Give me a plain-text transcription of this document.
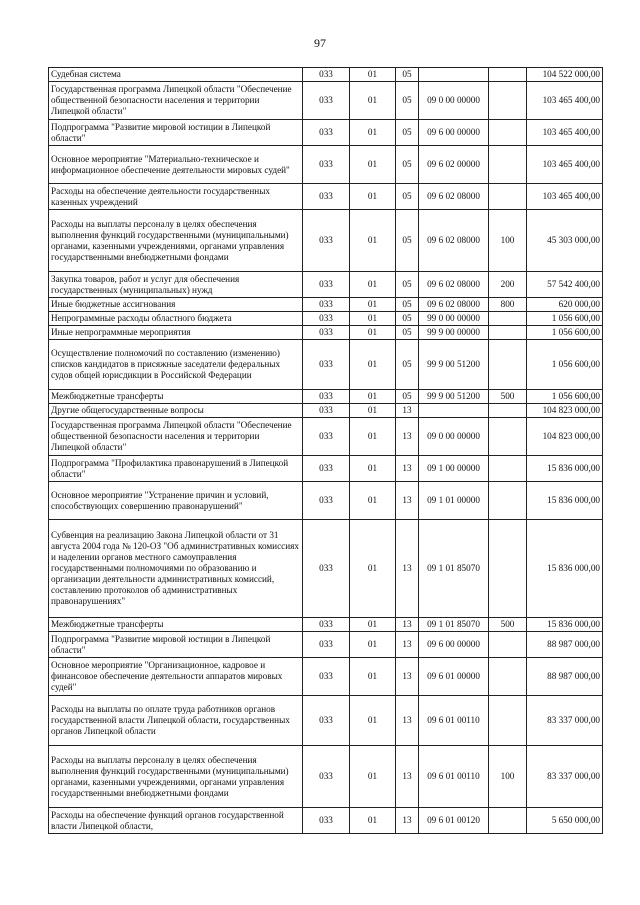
97
Судебная система	033	01	05			104 522 000,00
Государственная программа Липецкой области "Обеспечение общественной безопасности населения и территории Липецкой области"	033	01	05	09 0 00 00000		103 465 400,00
Подпрограмма "Развитие мировой юстиции в Липецкой области"	033	01	05	09 6 00 00000		103 465 400,00
Основное мероприятие "Материально-техническое и информационное обеспечение деятельности мировых судей"	033	01	05	09 6 02 00000		103 465 400,00
Расходы на обеспечение деятельности государственных казенных учреждений	033	01	05	09 6 02 08000		103 465 400,00
Расходы на выплаты персоналу в целях обеспечения выполнения функций государственными (муниципальными) органами, казенными учреждениями, органами управления государственными внебюджетными фондами	033	01	05	09 6 02 08000	100	45 303 000,00
Закупка товаров, работ и услуг для обеспечения государственных (муниципальных) нужд	033	01	05	09 6 02 08000	200	57 542 400,00
Иные бюджетные ассигнования	033	01	05	09 6 02 08000	800	620 000,00
Непрограммные расходы областного бюджета	033	01	05	99 0 00 00000		1 056 600,00
Иные непрограммные мероприятия	033	01	05	99 9 00 00000		1 056 600,00
Осуществление полномочий по составлению (изменению) списков кандидатов в присяжные заседатели федеральных судов общей юрисдикции в Российской Федерации	033	01	05	99 9 00 51200		1 056 600,00
Межбюджетные трансферты	033	01	05	99 9 00 51200	500	1 056 600,00
Другие общегосударственные вопросы	033	01	13			104 823 000,00
Государственная программа Липецкой области "Обеспечение общественной безопасности населения и территории Липецкой области"	033	01	13	09 0 00 00000		104 823 000,00
Подпрограмма "Профилактика правонарушений в Липецкой области"	033	01	13	09 1 00 00000		15 836 000,00
Основное мероприятие "Устранение причин и условий, способствующих совершению правонарушений"	033	01	13	09 1 01 00000		15 836 000,00
Субвенция на реализацию Закона Липецкой области от 31 августа 2004 года № 120-ОЗ "Об административных комиссиях и наделении органов местного самоуправления государственными полномочиями по образованию и организации деятельности административных комиссий, составлению протоколов об административных правонарушениях"	033	01	13	09 1 01 85070		15 836 000,00
Межбюджетные трансферты	033	01	13	09 1 01 85070	500	15 836 000,00
Подпрограмма "Развитие мировой юстиции в Липецкой области"	033	01	13	09 6 00 00000		88 987 000,00
Основное мероприятие "Организационное, кадровое и финансовое обеспечение деятельности аппаратов мировых судей"	033	01	13	09 6 01 00000		88 987 000,00
Расходы на выплаты по оплате труда работников органов государственной власти Липецкой области, государственных органов Липецкой области	033	01	13	09 6 01 00110		83 337 000,00
Расходы на выплаты персоналу в целях обеспечения выполнения функций государственными (муниципальными) органами, казенными учреждениями, органами управления государственными внебюджетными фондами	033	01	13	09 6 01 00110	100	83 337 000,00
Расходы на обеспечение функций органов государственной власти Липецкой области,	033	01	13	09 6 01 00120		5 650 000,00
